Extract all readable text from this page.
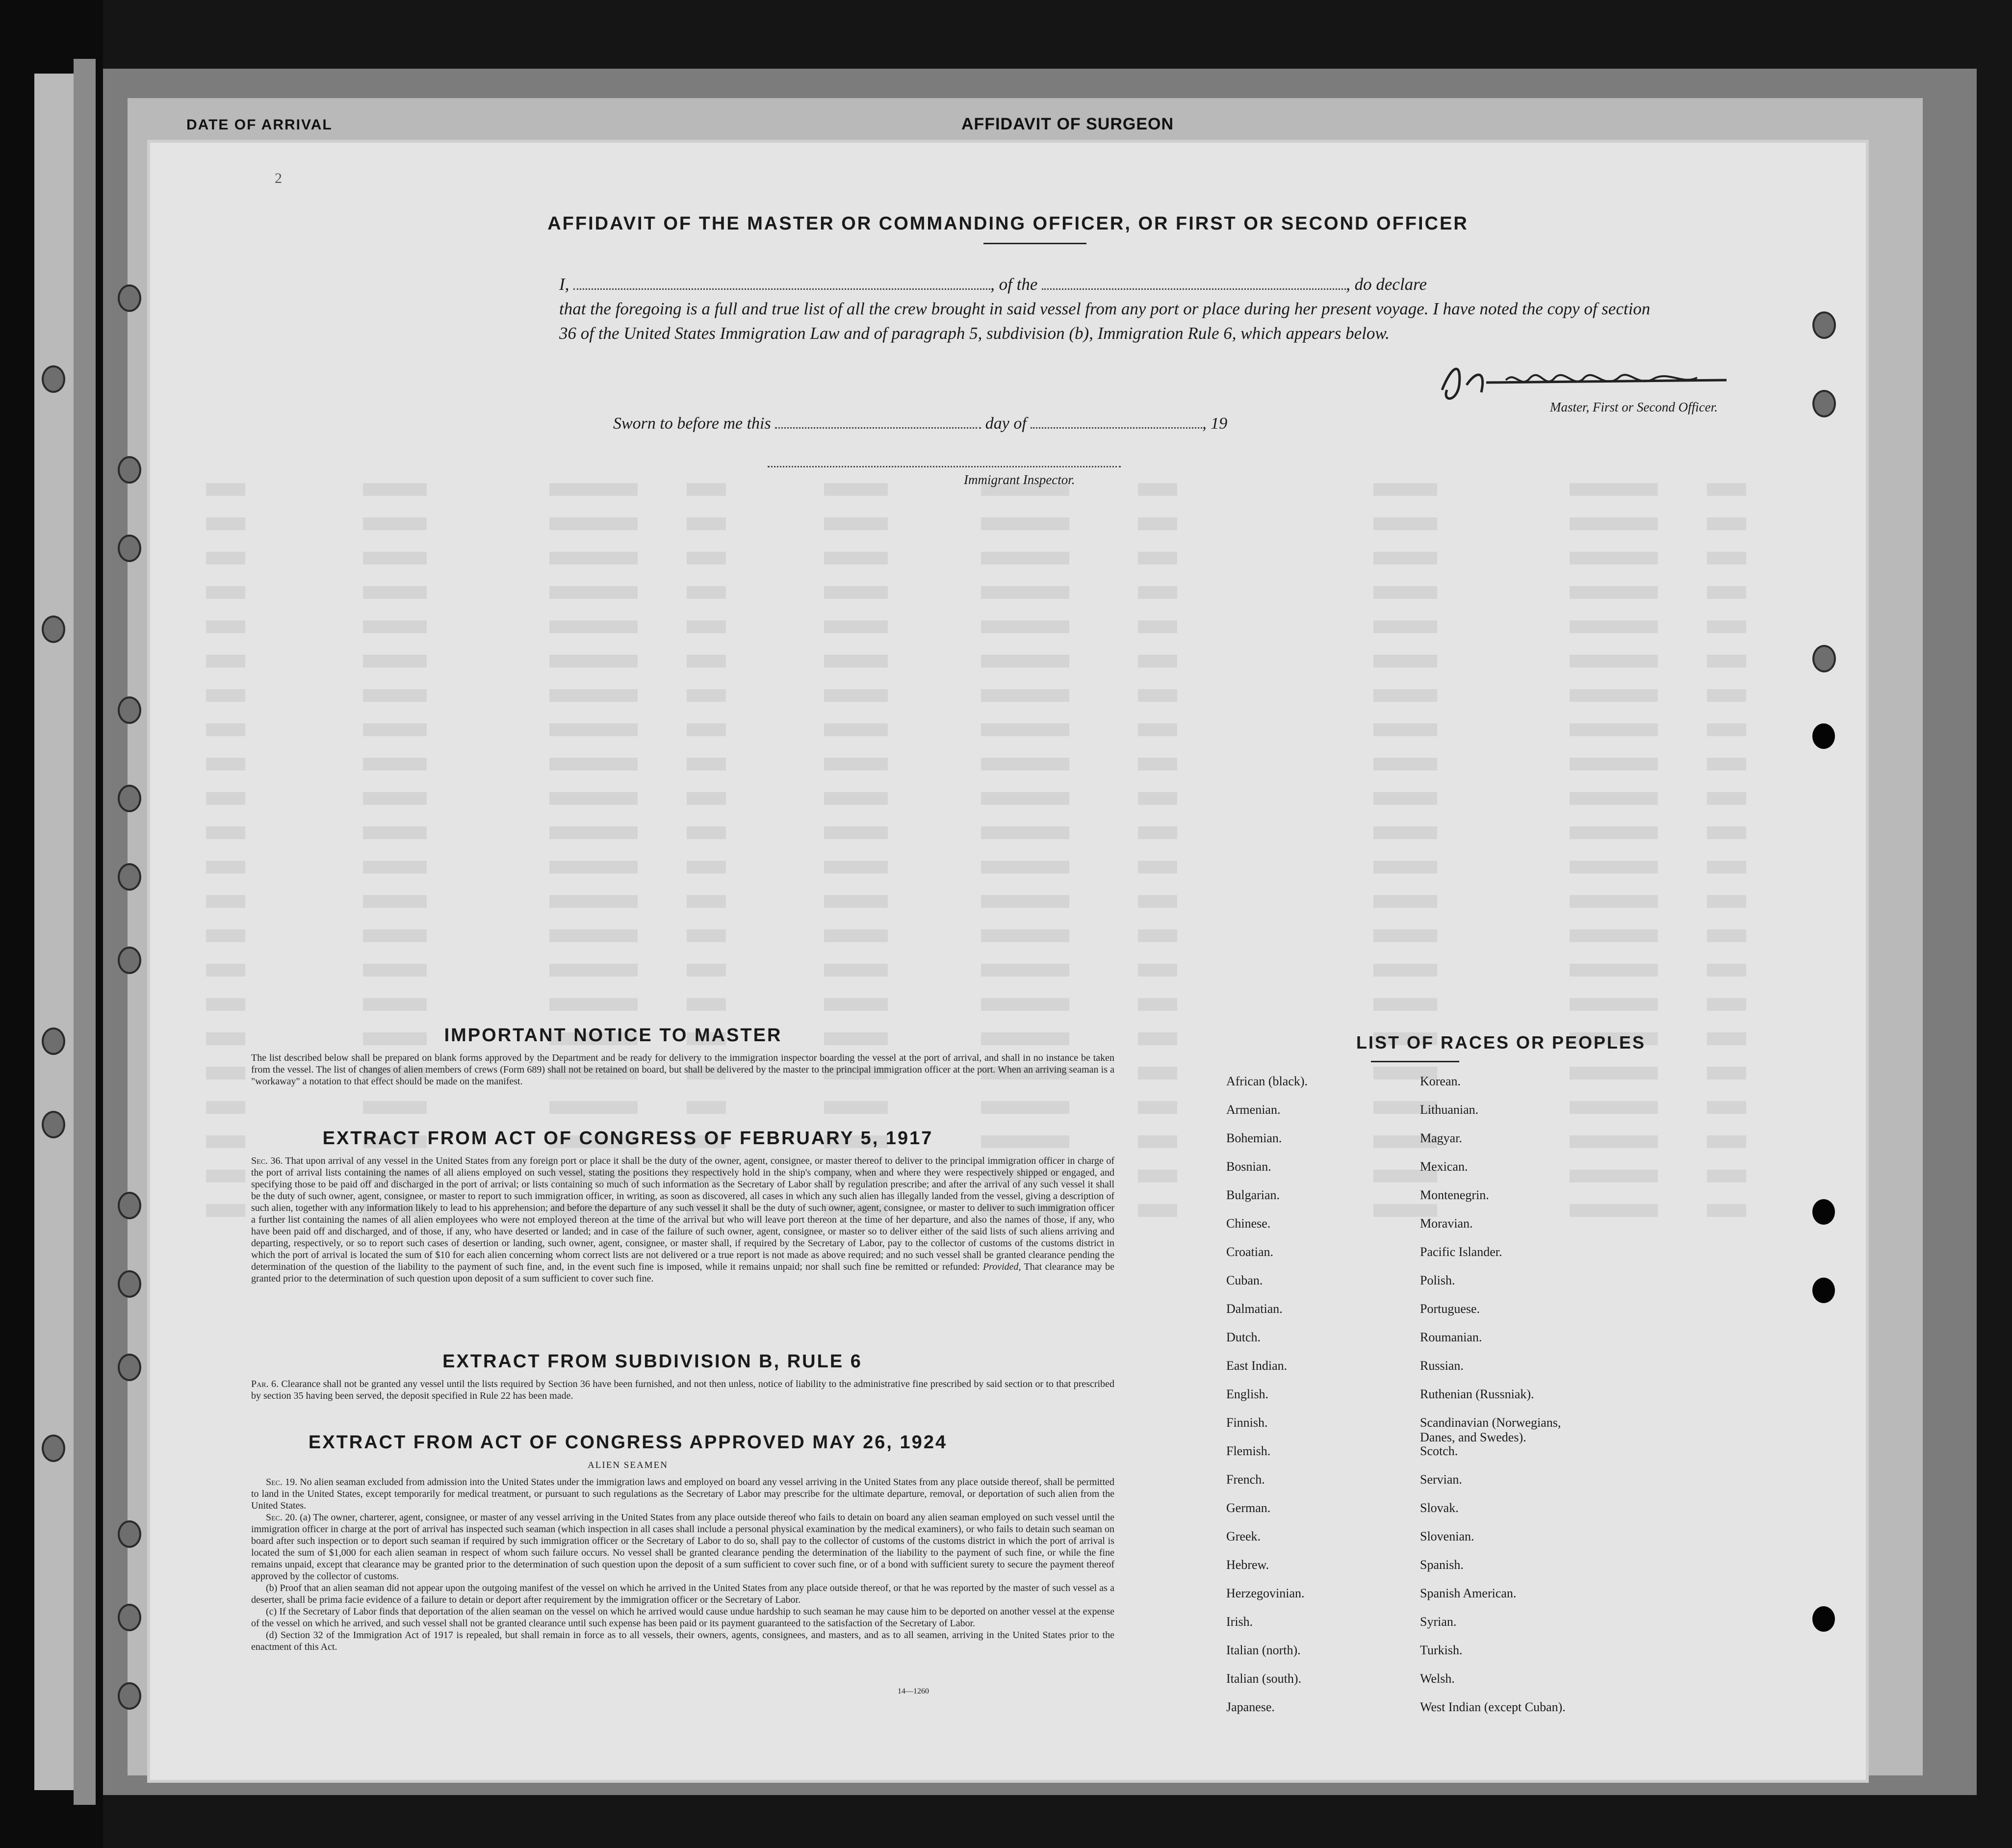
DATE OF ARRIVAL	AFFIDAVIT OF SURGEON
2
AFFIDAVIT OF THE MASTER OR COMMANDING OFFICER, OR FIRST OR SECOND OFFICER
I,	, of the	, do declare
that the foregoing is a full and true list of all the crew brought in said vessel from any port or place during her present voyage. I have noted the copy of section 36 of the United States Immigration Law and of paragraph 5, subdivision (b), Immigration Rule 6, which appears below.
Master, First or Second Officer.
Sworn to before me this	day of	, 19
Immigrant Inspector.
IMPORTANT NOTICE TO MASTER
The list described below shall be prepared on blank forms approved by the Department and be ready for delivery to the immigration inspector boarding the vessel at the port of arrival, and shall in no instance be taken from the vessel. The list of changes of alien members of crews (Form 689) shall not be retained on board, but shall be delivered by the master to the principal immigration officer at the port. When an arriving seaman is a "workaway" a notation to that effect should be made on the manifest.
EXTRACT FROM ACT OF CONGRESS OF FEBRUARY 5, 1917
Sec. 36. That upon arrival of any vessel in the United States from any foreign port or place it shall be the duty of the owner, agent, consignee, or master thereof to deliver to the principal immigration officer in charge of the port of arrival lists containing the names of all aliens employed on such vessel, stating the positions they respectively hold in the ship's company, when and where they were respectively shipped or engaged, and specifying those to be paid off and discharged in the port of arrival; or lists containing so much of such information as the Secretary of Labor shall by regulation prescribe; and after the arrival of any such vessel it shall be the duty of such owner, agent, consignee, or master to report to such immigration officer, in writing, as soon as discovered, all cases in which any such alien has illegally landed from the vessel, giving a description of such alien, together with any information likely to lead to his apprehension; and before the departure of any such vessel it shall be the duty of such owner, agent, consignee, or master to deliver to such immigration officer a further list containing the names of all alien employees who were not employed thereon at the time of the arrival but who will leave port thereon at the time of her departure, and also the names of those, if any, who have been paid off and discharged, and of those, if any, who have deserted or landed; and in case of the failure of such owner, agent, consignee, or master so to deliver either of the said lists of such aliens arriving and departing, respectively, or so to report such cases of desertion or landing, such owner, agent, consignee, or master shall, if required by the Secretary of Labor, pay to the collector of customs of the customs district in which the port of arrival is located the sum of $10 for each alien concerning whom correct lists are not delivered or a true report is not made as above required; and no such vessel shall be granted clearance pending the determination of the question of the liability to the payment of such fine, and, in the event such fine is imposed, while it remains unpaid; nor shall such fine be remitted or refunded: Provided, That clearance may be granted prior to the determination of such question upon deposit of a sum sufficient to cover such fine.
EXTRACT FROM SUBDIVISION B, RULE 6
Par. 6. Clearance shall not be granted any vessel until the lists required by Section 36 have been furnished, and not then unless, notice of liability to the administrative fine prescribed by said section or to that prescribed by section 35 having been served, the deposit specified in Rule 22 has been made.
EXTRACT FROM ACT OF CONGRESS APPROVED MAY 26, 1924
ALIEN SEAMEN
Sec. 19. No alien seaman excluded from admission into the United States under the immigration laws and employed on board any vessel arriving in the United States from any place outside thereof, shall be permitted to land in the United States, except temporarily for medical treatment, or pursuant to such regulations as the Secretary of Labor may prescribe for the ultimate departure, removal, or deportation of such alien from the United States.
Sec. 20. (a) The owner, charterer, agent, consignee, or master of any vessel arriving in the United States from any place outside thereof who fails to detain on board any alien seaman employed on such vessel until the immigration officer in charge at the port of arrival has inspected such seaman (which inspection in all cases shall include a personal physical examination by the medical examiners), or who fails to detain such seaman on board after such inspection or to deport such seaman if required by such immigration officer or the Secretary of Labor to do so, shall pay to the collector of customs of the customs district in which the port of arrival is located the sum of $1,000 for each alien seaman in respect of whom such failure occurs. No vessel shall be granted clearance pending the determination of the liability to the payment of such fine, or while the fine remains unpaid, except that clearance may be granted prior to the determination of such question upon the deposit of a sum sufficient to cover such fine, or of a bond with sufficient surety to secure the payment thereof approved by the collector of customs.
(b) Proof that an alien seaman did not appear upon the outgoing manifest of the vessel on which he arrived in the United States from any place outside thereof, or that he was reported by the master of such vessel as a deserter, shall be prima facie evidence of a failure to detain or deport after requirement by the immigration officer or the Secretary of Labor.
(c) If the Secretary of Labor finds that deportation of the alien seaman on the vessel on which he arrived would cause undue hardship to such seaman he may cause him to be deported on another vessel at the expense of the vessel on which he arrived, and such vessel shall not be granted clearance until such expense has been paid or its payment guaranteed to the satisfaction of the Secretary of Labor.
(d) Section 32 of the Immigration Act of 1917 is repealed, but shall remain in force as to all vessels, their owners, agents, consignees, and masters, and as to all seamen, arriving in the United States prior to the enactment of this Act.
14—1260
LIST OF RACES OR PEOPLES
African (black).
Armenian.
Bohemian.
Bosnian.
Bulgarian.
Chinese.
Croatian.
Cuban.
Dalmatian.
Dutch.
East Indian.
English.
Finnish.
Flemish.
French.
German.
Greek.
Hebrew.
Herzegovinian.
Irish.
Italian (north).
Italian (south).
Japanese.
Korean.
Lithuanian.
Magyar.
Mexican.
Montenegrin.
Moravian.
Pacific Islander.
Polish.
Portuguese.
Roumanian.
Russian.
Ruthenian (Russniak).
Scandinavian (Norwegians,
Danes, and Swedes).
Scotch.
Servian.
Slovak.
Slovenian.
Spanish.
Spanish American.
Syrian.
Turkish.
Welsh.
West Indian (except Cuban).
